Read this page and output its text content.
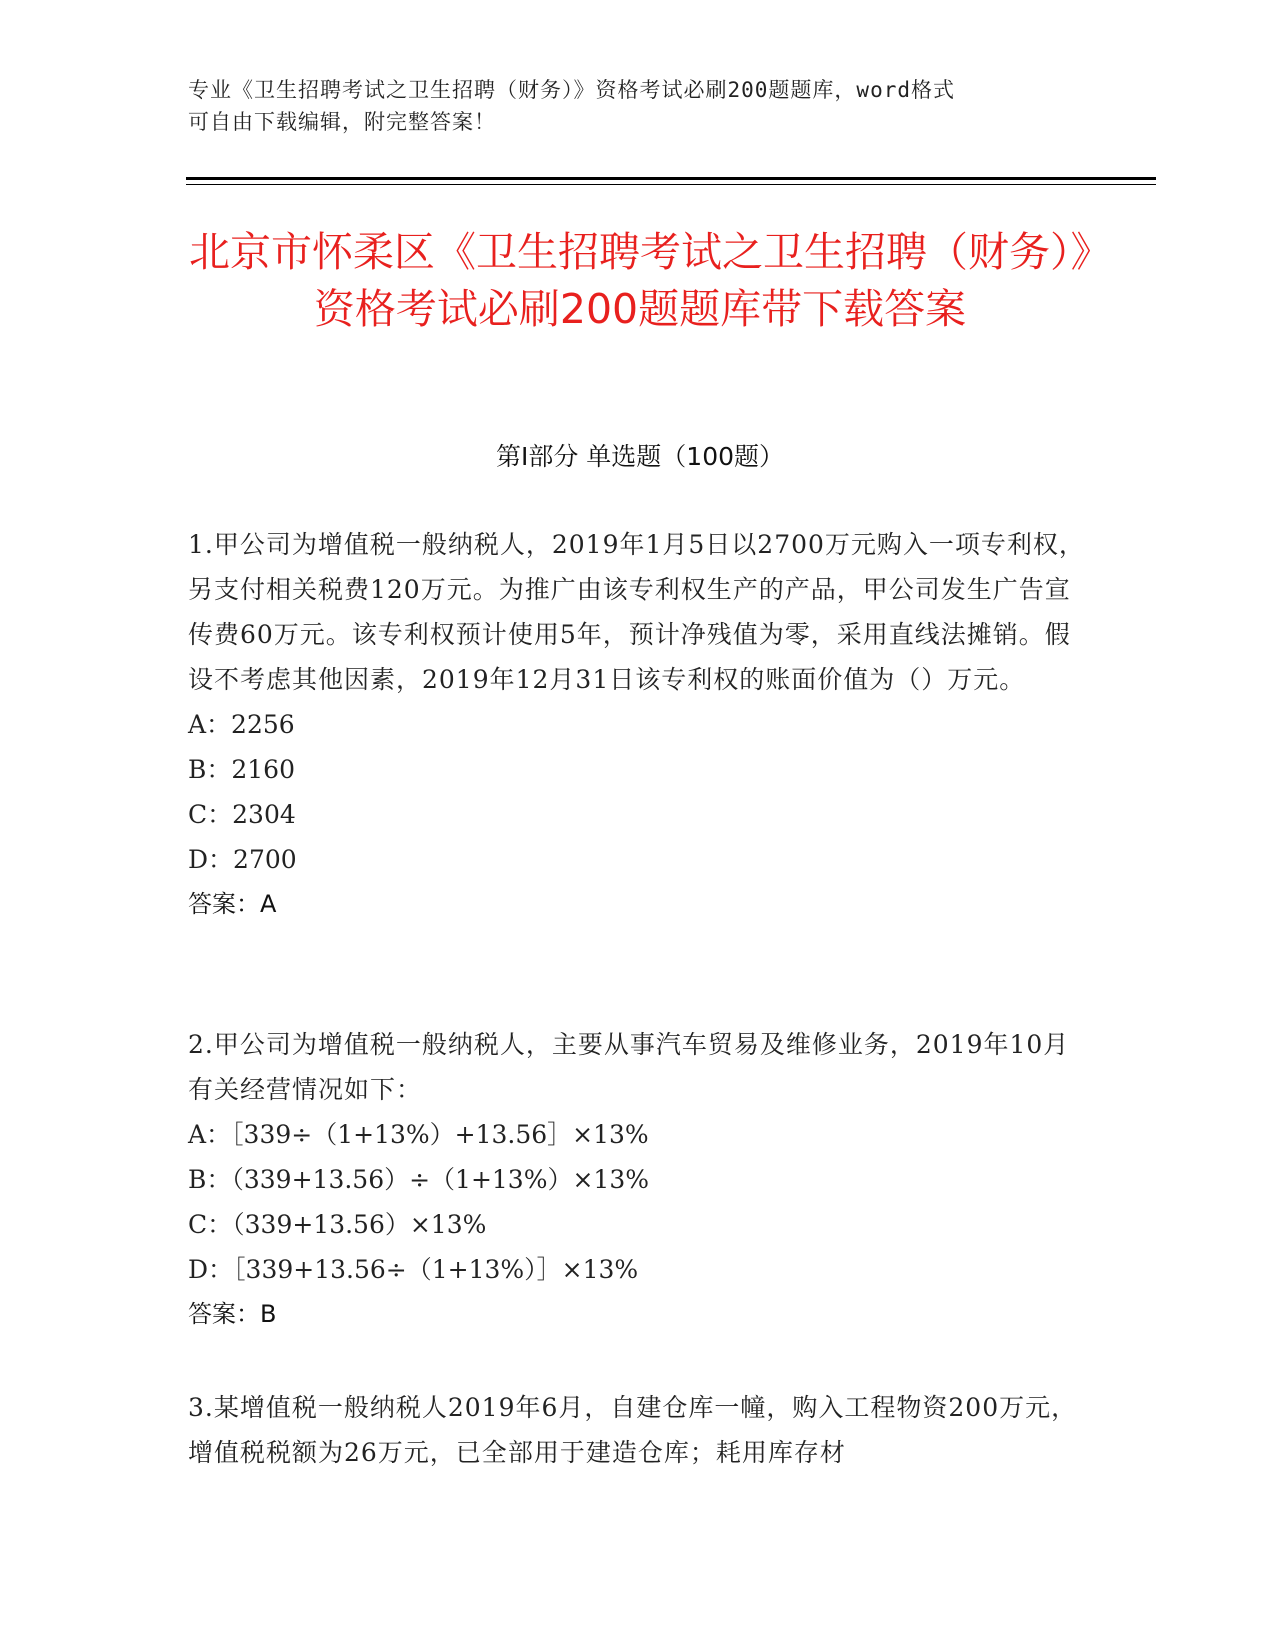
专业《卫生招聘考试之卫生招聘（财务）》资格考试必刷200题题库，word格式
可自由下载编辑，附完整答案！
北京市怀柔区《卫生招聘考试之卫生招聘（财务）》资格考试必刷200题题库带下载答案
第Ⅰ部分 单选题（100题）
1.甲公司为增值税一般纳税人，2019年1月5日以2700万元购入一项专利权，另支付相关税费120万元。为推广由该专利权生产的产品，甲公司发生广告宣传费60万元。该专利权预计使用5年，预计净残值为零，采用直线法摊销。假设不考虑其他因素，2019年12月31日该专利权的账面价值为（）万元。
A：2256
B：2160
C：2304
D：2700
答案：A
2.甲公司为增值税一般纳税人，主要从事汽车贸易及维修业务，2019年10月有关经营情况如下：
A：［339÷（1+13%）+13.56］×13%
B：（339+13.56）÷（1+13%）×13%
C：（339+13.56）×13%
D：［339+13.56÷（1+13%）］×13%
答案：B
3.某增值税一般纳税人2019年6月，自建仓库一幢，购入工程物资200万元，增值税税额为26万元，已全部用于建造仓库；耗用库存材
